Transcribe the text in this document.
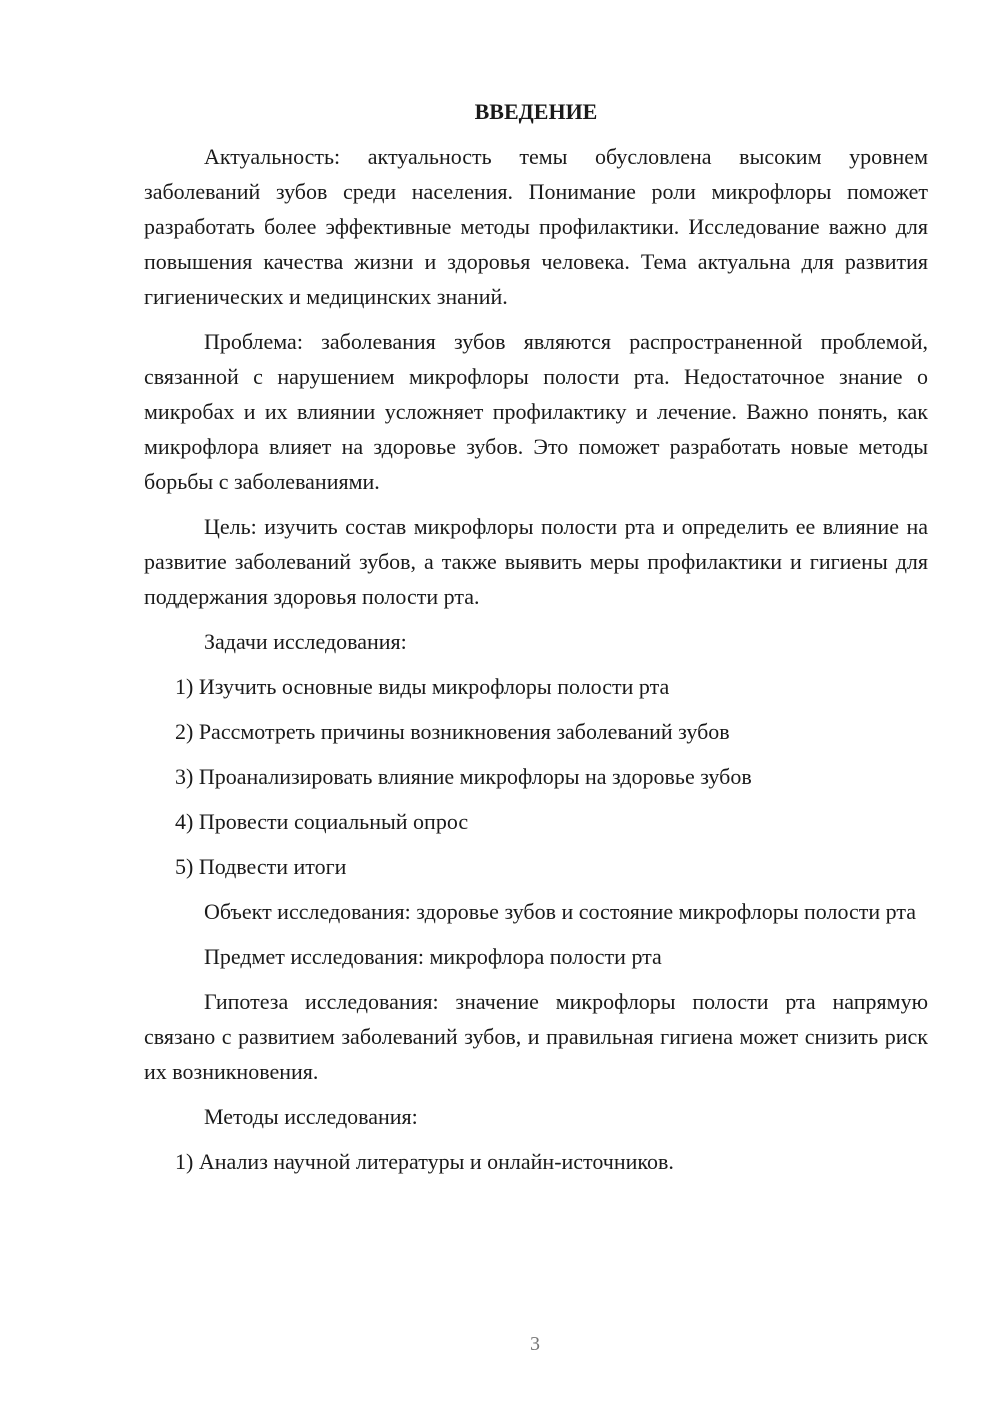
ВВЕДЕНИЕ

Актуальность: актуальность темы обусловлена высоким уровнем заболеваний зубов среди населения. Понимание роли микрофлоры поможет разработать более эффективные методы профилактики. Исследование важно для повышения качества жизни и здоровья человека. Тема актуальна для развития гигиенических и медицинских знаний.

Проблема: заболевания зубов являются распространенной проблемой, связанной с нарушением микрофлоры полости рта. Недостаточное знание о микробах и их влиянии усложняет профилактику и лечение. Важно понять, как микрофлора влияет на здоровье зубов. Это поможет разработать новые методы борьбы с заболеваниями.

Цель: изучить состав микрофлоры полости рта и определить ее влияние на развитие заболеваний зубов, а также выявить меры профилактики и гигиены для поддержания здоровья полости рта.

Задачи исследования:

1) Изучить основные виды микрофлоры полости рта

2) Рассмотреть причины возникновения заболеваний зубов

3) Проанализировать влияние микрофлоры на здоровье зубов

4) Провести социальный опрос

5) Подвести итоги

Объект исследования: здоровье зубов и состояние микрофлоры полости рта

Предмет исследования: микрофлора полости рта

Гипотеза исследования: значение микрофлоры полости рта напрямую связано с развитием заболеваний зубов, и правильная гигиена может снизить риск их возникновения.

Методы исследования:

1) Анализ научной литературы и онлайн-источников.

3
